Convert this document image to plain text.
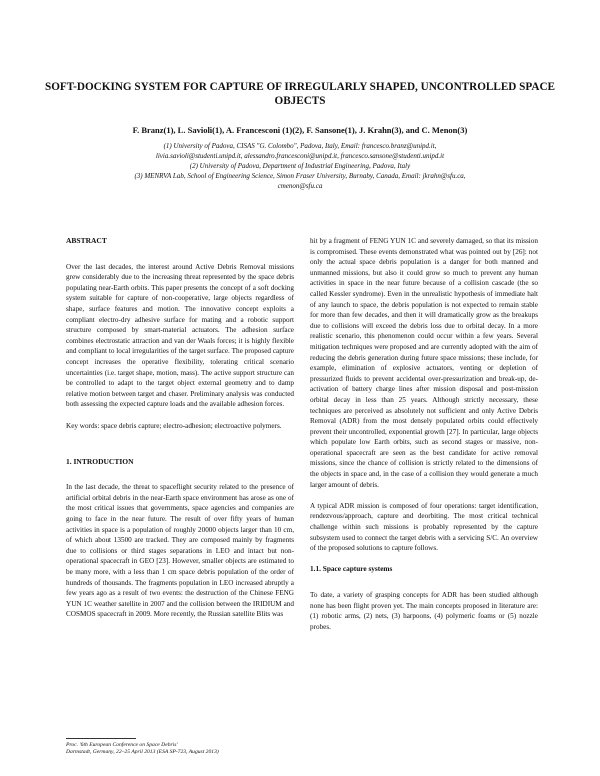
SOFT-DOCKING SYSTEM FOR CAPTURE OF IRREGULARLY SHAPED, UNCONTROLLED SPACE OBJECTS
F. Branz(1), L. Savioli(1), A. Francesconi (1)(2), F. Sansone(1), J. Krahn(3), and C. Menon(3)
(1) University of Padova, CISAS "G. Colombo", Padova, Italy, Email: francesco.branz@unipd.it,
livia.savioli@studenti.unipd.it, alessandro.francesconi@unipd.it, francesco.sansone@studenti.unipd.it
(2) University of Padova, Department of Industrial Engineering, Padova, Italy
(3) MENRVA Lab, School of Engineering Science, Simon Fraser University, Burnaby, Canada, Email: jkrahn@sfu.ca,
cmenon@sfu.ca
ABSTRACT

Over the last decades, the interest around Active Debris Removal missions grew considerably due to the increasing threat represented by the space debris populating near-Earth orbits. This paper presents the concept of a soft docking system suitable for capture of non-cooperative, large objects regardless of shape, surface features and motion. The innovative concept exploits a compliant electro-dry adhesive surface for mating and a robotic support structure composed by smart-material actuators. The adhesion surface combines electrostatic attraction and van der Waals forces; it is highly flexible and compliant to local irregularities of the target surface. The proposed capture concept increases the operative flexibility, tolerating critical scenario uncertainties (i.e. target shape, motion, mass). The active support structure can be controlled to adapt to the target object external geometry and to damp relative motion between target and chaser. Preliminary analysis was conducted both assessing the expected capture loads and the available adhesion forces.

Key words: space debris capture; electro-adhesion; electroactive polymers.

1. INTRODUCTION

In the last decade, the threat to spaceflight security related to the presence of artificial orbital debris in the near-Earth space environment has arose as one of the most critical issues that governments, space agencies and companies are going to face in the near future. The result of over fifty years of human activities in space is a population of roughly 20000 objects larger than 10 cm, of which about 13500 are tracked. They are composed mainly by fragments due to collisions or third stages separations in LEO and intact but non-operational spacecraft in GEO [23]. However, smaller objects are estimated to be many more, with a less than 1 cm space debris population of the order of hundreds of thousands. The fragments population in LEO increased abruptly a few years ago as a result of two events: the destruction of the Chinese FENG YUN 1C weather satellite in 2007 and the collision between the IRIDIUM and COSMOS spacecraft in 2009. More recently, the Russian satellite Blits was

hit by a fragment of FENG YUN 1C and severely damaged, so that its mission is compromised. These events demonstrated what was pointed out by [26]: not only the actual space debris population is a danger for both manned and unmanned missions, but also it could grow so much to prevent any human activities in space in the near future because of a collision cascade (the so called Kessler syndrome). Even in the unrealistic hypothesis of immediate halt of any launch to space, the debris population is not expected to remain stable for more than few decades, and then it will dramatically grow as the breakups due to collisions will exceed the debris loss due to orbital decay. In a more realistic scenario, this phenomenon could occur within a few years. Several mitigation techniques were proposed and are currently adopted with the aim of reducing the debris generation during future space missions; these include, for example, elimination of explosive actuators, venting or depletion of pressurized fluids to prevent accidental over-pressurization and break-up, de-activation of battery charge lines after mission disposal and post-mission orbital decay in less than 25 years. Although strictly necessary, these techniques are perceived as absolutely not sufficient and only Active Debris Removal (ADR) from the most densely populated orbits could effectively prevent their uncontrolled, exponential growth [27]. In particular, large objects which populate low Earth orbits, such as second stages or massive, non-operational spacecraft are seen as the best candidate for active removal missions, since the chance of collision is strictly related to the dimensions of the objects in space and, in the case of a collision they would generate a much larger amount of debris.

A typical ADR mission is composed of four operations: target identification, rendezvous/approach, capture and deorbiting. The most critical technical challenge within such missions is probably represented by the capture subsystem used to connect the target debris with a servicing S/C. An overview of the proposed solutions to capture follows.

1.1. Space capture systems

To date, a variety of grasping concepts for ADR has been studied although none has been flight proven yet. The main concepts proposed in literature are: (1) robotic arms, (2) nets, (3) harpoons, (4) polymeric foams or (5) nozzle probes.

Proc. '6th European Conference on Space Debris'
Darmstadt, Germany, 22–25 April 2013 (ESA SP-723, August 2013)
